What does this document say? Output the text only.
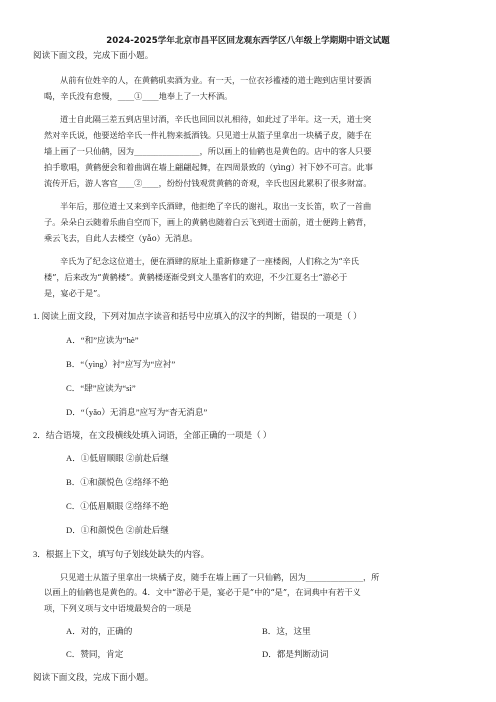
2024-2025学年北京市昌平区回龙观东西学区八年级上学期期中语文试题
阅读下面文段，完成下面小题。
从前有位姓辛的人，在黄鹤矶卖酒为业。有一天，一位衣衫褴褛的道士跑到店里讨要酒
喝，辛氏没有怠慢，____①____地奉上了一大杯酒。
道士自此隔三差五到店里讨酒，辛氏也回回以礼相待，如此过了半年。这一天，道士突
然对辛氏说，他要送给辛氏一件礼物来抵酒钱。只见道士从篮子里拿出一块橘子皮，随手在
墙上画了一只仙鹤，因为________________，所以画上的仙鹤也是黄色的。店中的客人只要
拍手歌唱，黄鹤便会和着曲调在墙上翩翩起舞，在四周景致的（yìng）衬下妙不可言。此事
流传开后，游人客官____②____，纷纷付钱观赏黄鹤的奇观，辛氏也因此累积了很多财富。
半年后，那位道士又来到辛氏酒肆，他拒绝了辛氏的谢礼，取出一支长笛，吹了一首曲
子。朵朵白云随着乐曲自空而下，画上的黄鹤也随着白云飞到道士面前，道士便跨上鹤背，
乘云飞去，自此人去楼空（yǎo）无消息。
辛氏为了纪念这位道士，便在酒肆的原址上重新修建了一座楼阁，人们称之为“辛氏
楼”，后来改为“黄鹤楼”。黄鹤楼逐渐受到文人墨客们的欢迎，不少江夏名士“游必于
是，宴必于是”。
1. 阅读上面文段，下列对加点字读音和括号中应填入的汉字的判断，错误的一项是（ ）
A．“和”应读为“hè”
B．“（yìng）衬”应写为“应衬”
C．“肆”应读为“sì”
D．“（yǎo）无消息”应写为“杳无消息”
2．结合语境，在文段横线处填入词语，全部正确的一项是（ ）
A．①低眉顺眼 ②前赴后继
B．①和颜悦色 ②络绎不绝
C．①低眉顺眼 ②络绎不绝
D．①和颜悦色 ②前赴后继
3．根据上下文，填写句子划线处缺失的内容。
只见道士从篮子里拿出一块橘子皮，随手在墙上画了一只仙鹤，因为______________，所
以画上的仙鹤也是黄色的。4．文中“游必于是，宴必于是”中的“是”，在词典中有若干义
项，下列义项与文中语境最契合的一项是
A．对的，正确的	B．这，这里
C．赞同，肯定	D．都是判断动词
阅读下面文段，完成下面小题。
